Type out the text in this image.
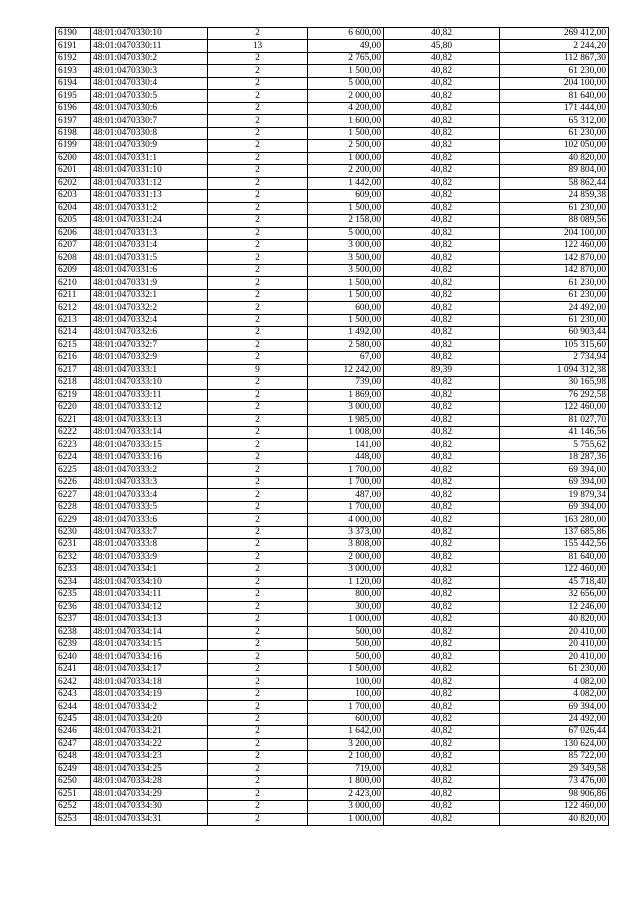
6190	48:01:0470330:10	2	6 600,00	40,82	269 412,00
6191	48:01:0470330:11	13	49,00	45,80	2 244,20
6192	48:01:0470330:2	2	2 765,00	40,82	112 867,30
6193	48:01:0470330:3	2	1 500,00	40,82	61 230,00
6194	48:01:0470330:4	2	5 000,00	40,82	204 100,00
6195	48:01:0470330:5	2	2 000,00	40,82	81 640,00
6196	48:01:0470330:6	2	4 200,00	40,82	171 444,00
6197	48:01:0470330:7	2	1 600,00	40,82	65 312,00
6198	48:01:0470330:8	2	1 500,00	40,82	61 230,00
6199	48:01:0470330:9	2	2 500,00	40,82	102 050,00
6200	48:01:0470331:1	2	1 000,00	40,82	40 820,00
6201	48:01:0470331:10	2	2 200,00	40,82	89 804,00
6202	48:01:0470331:12	2	1 442,00	40,82	58 862,44
6203	48:01:0470331:13	2	609,00	40,82	24 859,38
6204	48:01:0470331:2	2	1 500,00	40,82	61 230,00
6205	48:01:0470331:24	2	2 158,00	40,82	88 089,56
6206	48:01:0470331:3	2	5 000,00	40,82	204 100,00
6207	48:01:0470331:4	2	3 000,00	40,82	122 460,00
6208	48:01:0470331:5	2	3 500,00	40,82	142 870,00
6209	48:01:0470331:6	2	3 500,00	40,82	142 870,00
6210	48:01:0470331:9	2	1 500,00	40,82	61 230,00
6211	48:01:0470332:1	2	1 500,00	40,82	61 230,00
6212	48:01:0470332:2	2	600,00	40,82	24 492,00
6213	48:01:0470332:4	2	1 500,00	40,82	61 230,00
6214	48:01:0470332:6	2	1 492,00	40,82	60 903,44
6215	48:01:0470332:7	2	2 580,00	40,82	105 315,60
6216	48:01:0470332:9	2	67,00	40,82	2 734,94
6217	48:01:0470333:1	9	12 242,00	89,39	1 094 312,38
6218	48:01:0470333:10	2	739,00	40,82	30 165,98
6219	48:01:0470333:11	2	1 869,00	40,82	76 292,58
6220	48:01:0470333:12	2	3 000,00	40,82	122 460,00
6221	48:01:0470333:13	2	1 985,00	40,82	81 027,70
6222	48:01:0470333:14	2	1 008,00	40,82	41 146,56
6223	48:01:0470333:15	2	141,00	40,82	5 755,62
6224	48:01:0470333:16	2	448,00	40,82	18 287,36
6225	48:01:0470333:2	2	1 700,00	40,82	69 394,00
6226	48:01:0470333:3	2	1 700,00	40,82	69 394,00
6227	48:01:0470333:4	2	487,00	40,82	19 879,34
6228	48:01:0470333:5	2	1 700,00	40,82	69 394,00
6229	48:01:0470333:6	2	4 000,00	40,82	163 280,00
6230	48:01:0470333:7	2	3 373,00	40,82	137 685,86
6231	48:01:0470333:8	2	3 808,00	40,82	155 442,56
6232	48:01:0470333:9	2	2 000,00	40,82	81 640,00
6233	48:01:0470334:1	2	3 000,00	40,82	122 460,00
6234	48:01:0470334:10	2	1 120,00	40,82	45 718,40
6235	48:01:0470334:11	2	800,00	40,82	32 656,00
6236	48:01:0470334:12	2	300,00	40,82	12 246,00
6237	48:01:0470334:13	2	1 000,00	40,82	40 820,00
6238	48:01:0470334:14	2	500,00	40,82	20 410,00
6239	48:01:0470334:15	2	500,00	40,82	20 410,00
6240	48:01:0470334:16	2	500,00	40,82	20 410,00
6241	48:01:0470334:17	2	1 500,00	40,82	61 230,00
6242	48:01:0470334:18	2	100,00	40,82	4 082,00
6243	48:01:0470334:19	2	100,00	40,82	4 082,00
6244	48:01:0470334:2	2	1 700,00	40,82	69 394,00
6245	48:01:0470334:20	2	600,00	40,82	24 492,00
6246	48:01:0470334:21	2	1 642,00	40,82	67 026,44
6247	48:01:0470334:22	2	3 200,00	40,82	130 624,00
6248	48:01:0470334:23	2	2 100,00	40,82	85 722,00
6249	48:01:0470334:25	2	719,00	40,82	29 349,58
6250	48:01:0470334:28	2	1 800,00	40,82	73 476,00
6251	48:01:0470334:29	2	2 423,00	40,82	98 906,86
6252	48:01:0470334:30	2	3 000,00	40,82	122 460,00
6253	48:01:0470334:31	2	1 000,00	40,82	40 820,00
